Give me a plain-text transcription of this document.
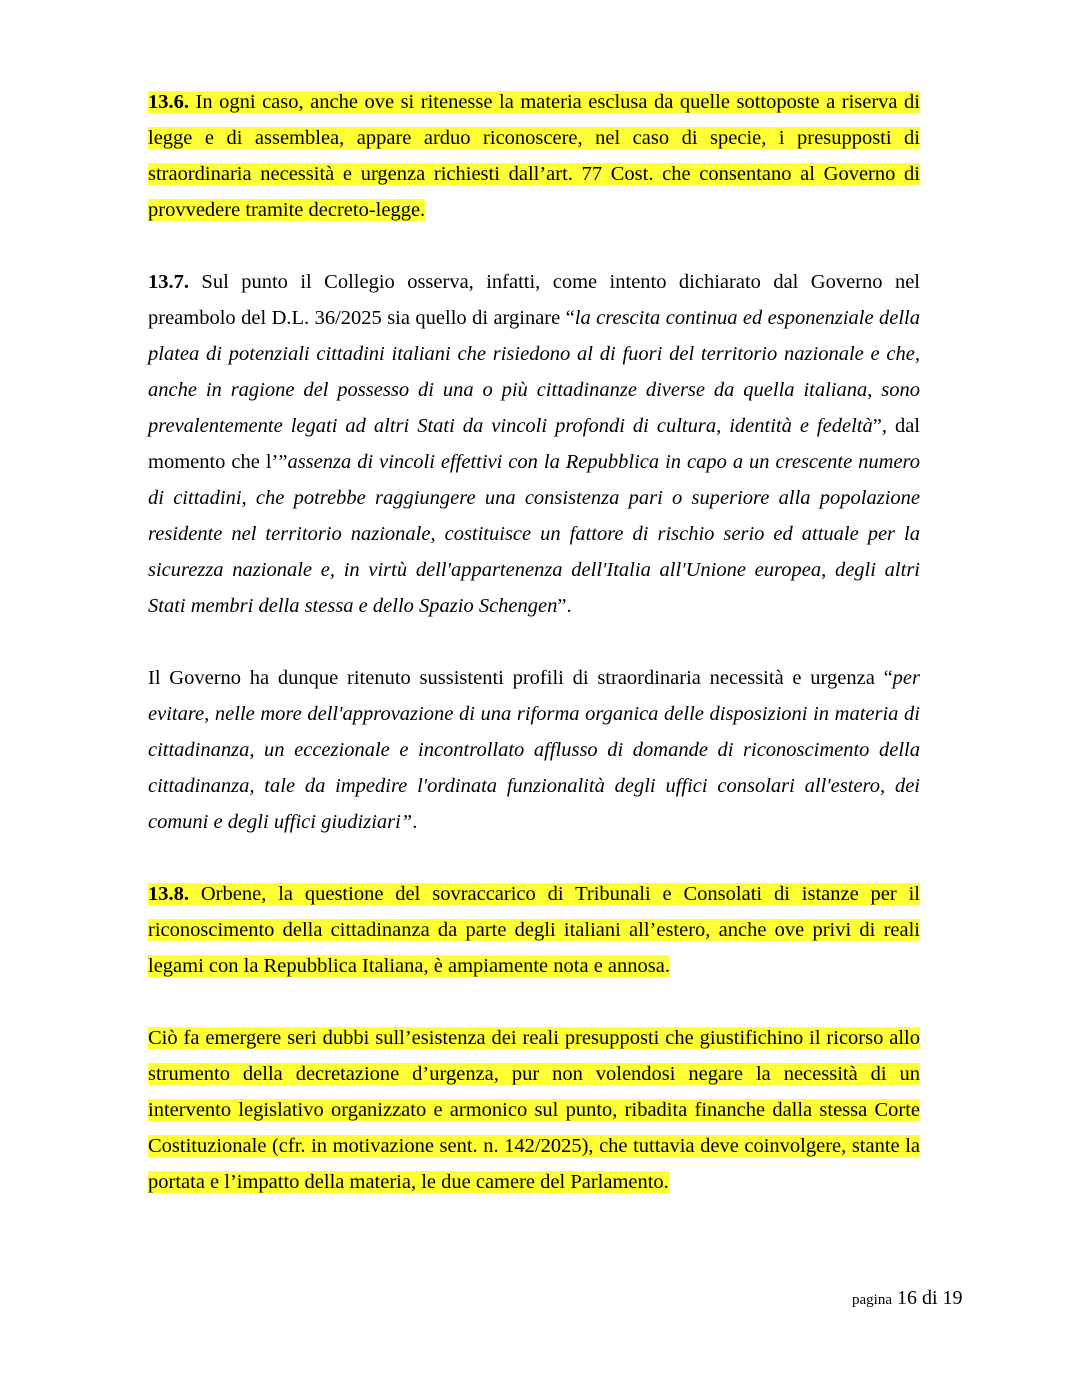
13.6. In ogni caso, anche ove si ritenesse la materia esclusa da quelle sottoposte a riserva di legge e di assemblea, appare arduo riconoscere, nel caso di specie, i presupposti di straordinaria necessità e urgenza richiesti dall’art. 77 Cost. che consentano al Governo di provvedere tramite decreto-legge.

13.7. Sul punto il Collegio osserva, infatti, come intento dichiarato dal Governo nel preambolo del D.L. 36/2025 sia quello di arginare “la crescita continua ed esponenziale della platea di potenziali cittadini italiani che risiedono al di fuori del territorio nazionale e che, anche in ragione del possesso di una o più cittadinanze diverse da quella italiana, sono prevalentemente legati ad altri Stati da vincoli profondi di cultura, identità e fedeltà”, dal momento che l’”assenza di vincoli effettivi con la Repubblica in capo a un crescente numero di cittadini, che potrebbe raggiungere una consistenza pari o superiore alla popolazione residente nel territorio nazionale, costituisce un fattore di rischio serio ed attuale per la sicurezza nazionale e, in virtù dell'appartenenza dell'Italia all'Unione europea, degli altri Stati membri della stessa e dello Spazio Schengen”.

Il Governo ha dunque ritenuto sussistenti profili di straordinaria necessità e urgenza “per evitare, nelle more dell'approvazione di una riforma organica delle disposizioni in materia di cittadinanza, un eccezionale e incontrollato afflusso di domande di riconoscimento della cittadinanza, tale da impedire l'ordinata funzionalità degli uffici consolari all'estero, dei comuni e degli uffici giudiziari”.

13.8. Orbene, la questione del sovraccarico di Tribunali e Consolati di istanze per il riconoscimento della cittadinanza da parte degli italiani all’estero, anche ove privi di reali legami con la Repubblica Italiana, è ampiamente nota e annosa.

Ciò fa emergere seri dubbi sull’esistenza dei reali presupposti che giustifichino il ricorso allo strumento della decretazione d’urgenza, pur non volendosi negare la necessità di un intervento legislativo organizzato e armonico sul punto, ribadita finanche dalla stessa Corte Costituzionale (cfr. in motivazione sent. n. 142/2025), che tuttavia deve coinvolgere, stante la portata e l’impatto della materia, le due camere del Parlamento.

pagina 16 di 19
